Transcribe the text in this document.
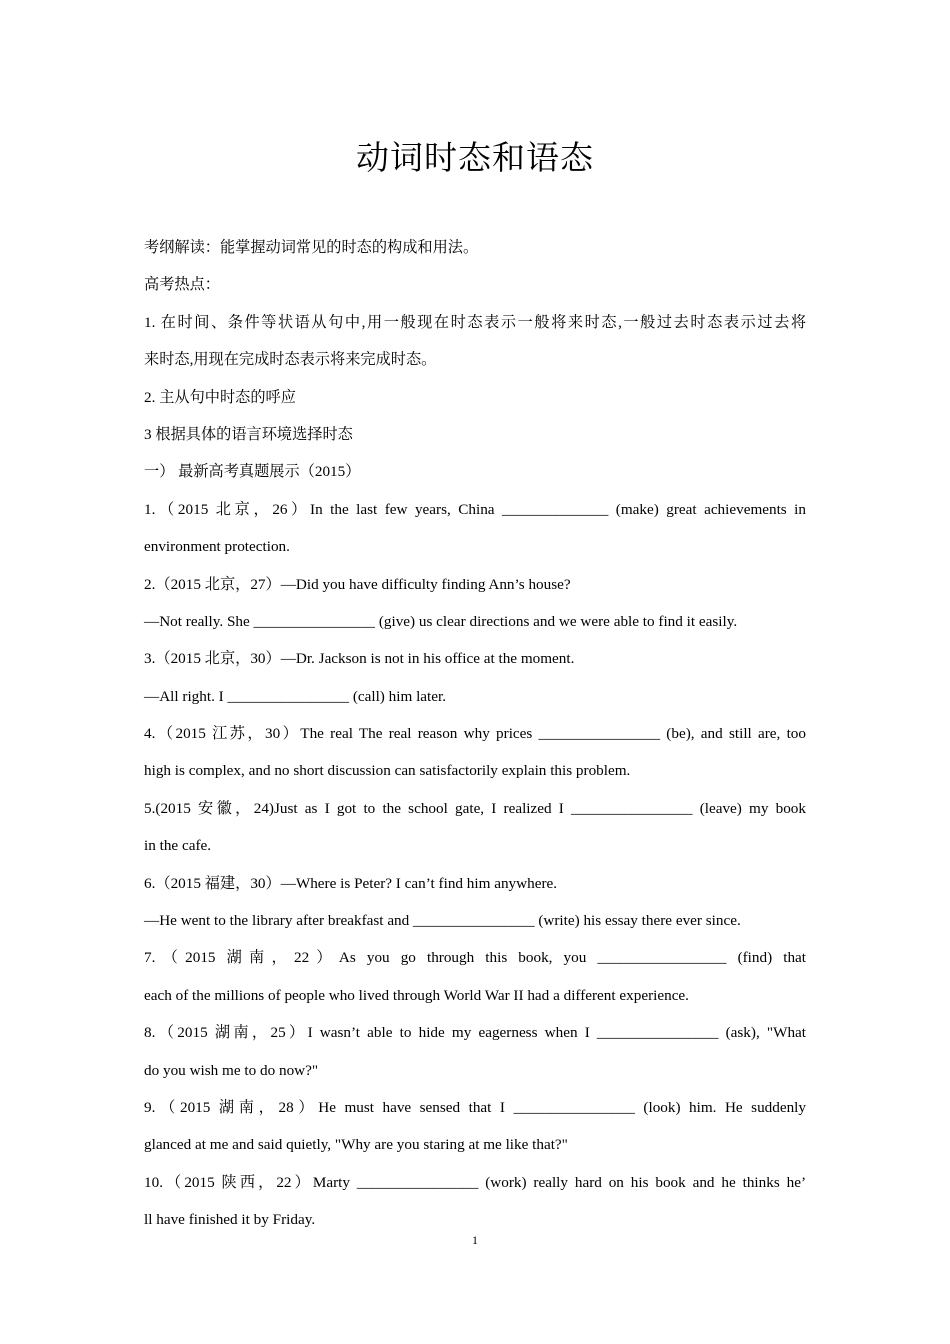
动词时态和语态
考纲解读：能掌握动词常见的时态的构成和用法。
高考热点：
1. 在时间、条件等状语从句中,用一般现在时态表示一般将来时态,一般过去时态表示过去将
来时态,用现在完成时态表示将来完成时态。
2. 主从句中时态的呼应
3 根据具体的语言环境选择时态
一） 最新高考真题展示（2015）
1.（2015 北京，26）In the last few years, China ______________ (make) great achievements in
environment protection.
2.（2015 北京，27）—Did you have difficulty finding Ann’s house?
—Not really. She ________________ (give) us clear directions and we were able to find it easily.
3.（2015 北京，30）—Dr. Jackson is not in his office at the moment.
—All right. I ________________ (call) him later.
4.（2015 江苏，30）The real The real reason why prices ________________ (be), and still are, too
high is complex, and no short discussion can satisfactorily explain this problem.
5.(2015 安徽，24)Just as I got to the school gate, I realized I ________________ (leave) my book
in the cafe.
6.（2015 福建，30）—Where is Peter? I can’t find him anywhere.
—He went to the library after breakfast and ________________ (write) his essay there ever since.
7.（2015 湖南，22）As you go through this book, you _________________ (find) that
each of the millions of people who lived through World War II had a different experience.
8.（2015 湖南，25）I wasn’t able to hide my eagerness when I ________________ (ask), "What
do you wish me to do now?"
9.（2015 湖南，28）He must have sensed that I ________________ (look) him. He suddenly
glanced at me and said quietly, "Why are you staring at me like that?"
10.（2015 陕西，22）Marty ________________ (work) really hard on his book and he thinks he’
ll have finished it by Friday.
1
